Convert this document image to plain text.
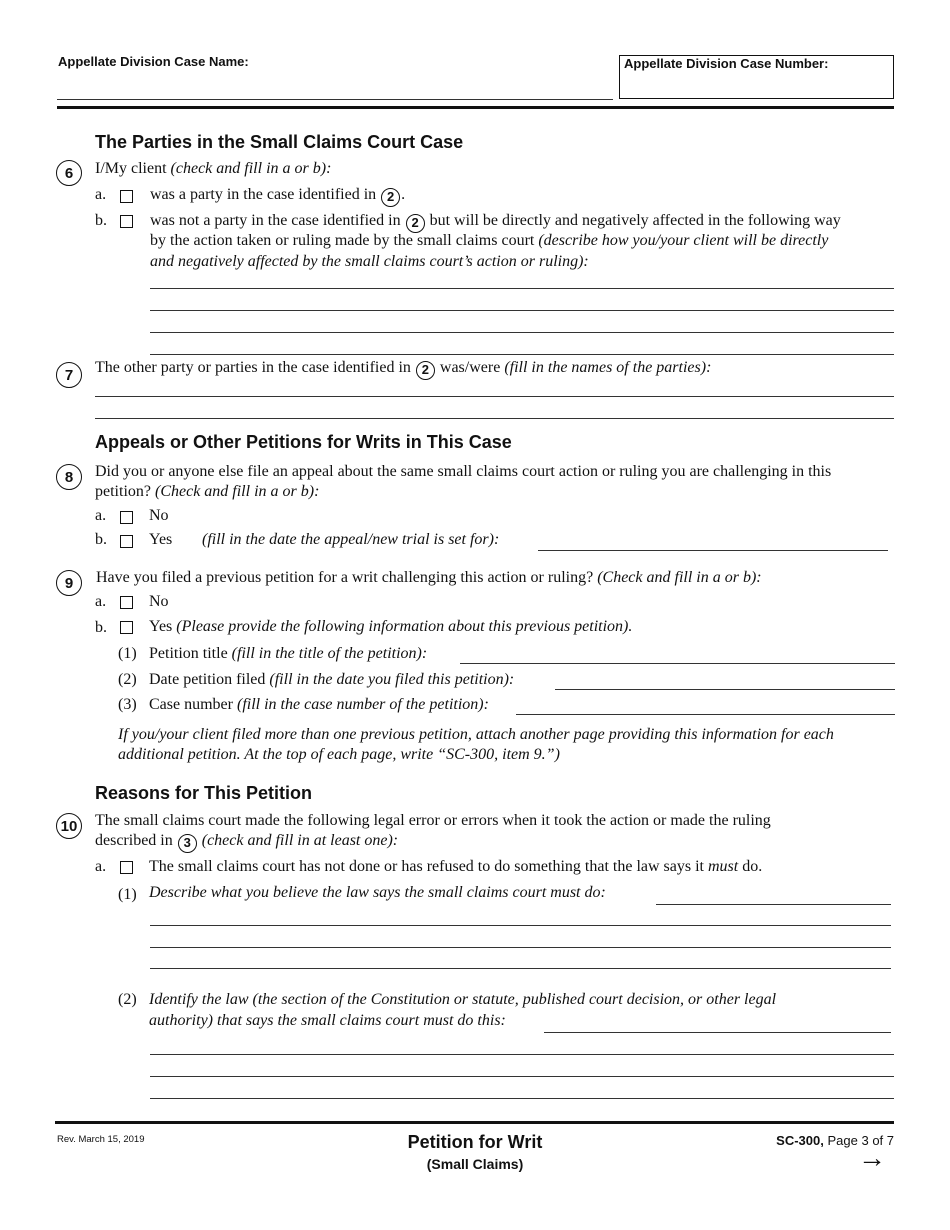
Appellate Division Case Name:	Appellate Division Case Number:
The Parties in the Small Claims Court Case
6	I/My client (check and fill in a or b):
a.	was a party in the case identified in 2 .
b.	was not a party in the case identified in 2 but will be directly and negatively affected in the following way
by the action taken or ruling made by the small claims court (describe how you/your client will be directly
and negatively affected by the small claims court’s action or ruling):
7	The other party or parties in the case identified in 2 was/were (fill in the names of the parties):
Appeals or Other Petitions for Writs in This Case
8	Did you or anyone else file an appeal about the same small claims court action or ruling you are challenging in this
petition? (Check and fill in a or b):
a.	No
b.	Yes (fill in the date the appeal/new trial is set for):
9	Have you filed a previous petition for a writ challenging this action or ruling? (Check and fill in a or b):
a.	No
b.	Yes (Please provide the following information about this previous petition).
(1) Petition title (fill in the title of the petition):
(2) Date petition filed (fill in the date you filed this petition):
(3) Case number (fill in the case number of the petition):
If you/your client filed more than one previous petition, attach another page providing this information for each
additional petition. At the top of each page, write “SC-300, item 9.”)
Reasons for This Petition
10 The small claims court made the following legal error or errors when it took the action or made the ruling
described in 3 (check and fill in at least one):
a.	The small claims court has not done or has refused to do something that the law says it must do.
(1) Describe what you believe the law says the small claims court must do:
(2) Identify the law (the section of the Constitution or statute, published court decision, or other legal
authority) that says the small claims court must do this:
Rev. March 15, 2019	Petition for Writ
(Small Claims)
SC-300, Page 3 of 7
→
